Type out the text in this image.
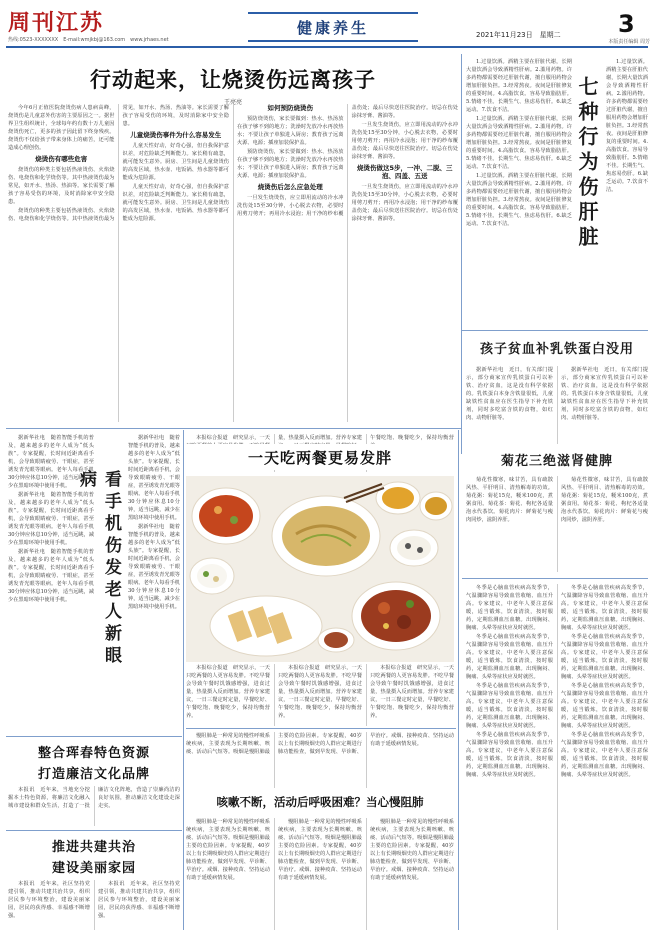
周刊江苏	健康养生	2021年11月23日　星期二	3
热线:0523-XXXXXXX　E-mail:wmjkbj@163.com　www.jrhaes.net	本版责任编辑 周芳
行动起来，让烧烫伤远离孩子
王亮亮

今年6月正值医院烧烫伤病人患病高峰，烧烫伤是儿童意外伤害的主要原因之一。据世界卫生组织统计，全球每年约有数十万儿童因烧烫伤死亡，更多的孩子因此留下终身残疾。烧烫伤不仅给孩子带来身体上的痛苦，还可能造成心理创伤。

烧烫伤有哪些危害

烧烫伤的种类主要包括热液烫伤、火焰烧伤、电烧伤和化学烧伤等。其中热液烫伤最为常见，如开水、热汤、热油等。家长需要了解孩子容易受伤的环境，及时消除家中安全隐患。

烧烫伤的种类主要包括热液烫伤、火焰烧伤、电烧伤和化学烧伤等。其中热液烫伤最为常见，如开水、热汤、热油等。家长需要了解孩子容易受伤的环境，及时消除家中安全隐患。

儿童烧烫伤事件为什么容易发生

儿童天性好动，好奇心强，但自我保护意识差，对危险缺乏判断能力。家长稍有疏忽，就可能发生意外。厨房、卫生间是儿童烧烫伤的高发区域，热水壶、电饭锅、热水器等都可能成为危险源。

儿童天性好动，好奇心强，但自我保护意识差，对危险缺乏判断能力。家长稍有疏忽，就可能发生意外。厨房、卫生间是儿童烧烫伤的高发区域，热水壶、电饭锅、热水器等都可能成为危险源。

如何预防烧烫伤

预防烧烫伤，家长要做到：热水、热汤放在孩子够不到的地方；洗澡时先放冷水再放热水；不要让孩子单独进入厨房；教育孩子远离火源、电源；插座加装保护盖。

预防烧烫伤，家长要做到：热水、热汤放在孩子够不到的地方；洗澡时先放冷水再放热水；不要让孩子单独进入厨房；教育孩子远离火源、电源；插座加装保护盖。

烧烫伤后怎么应急处理

一旦发生烧烫伤，应立即用流动的冷水冲洗伤处15至30分钟，小心脱去衣物，必要时用剪刀剪开；再用冷水浸泡；用干净的纱布覆盖伤处；最后尽快送往医院治疗。切忌在伤处涂抹牙膏、酱油等。

一旦发生烧烫伤，应立即用流动的冷水冲洗伤处15至30分钟，小心脱去衣物，必要时用剪刀剪开；再用冷水浸泡；用干净的纱布覆盖伤处；最后尽快送往医院治疗。切忌在伤处涂抹牙膏、酱油等。

烧烫伤做这5步，一冲、二脱、三泡、四盖、五送

一旦发生烧烫伤，应立即用流动的冷水冲洗伤处15至30分钟，小心脱去衣物，必要时用剪刀剪开；再用冷水浸泡；用干净的纱布覆盖伤处；最后尽快送往医院治疗。切忌在伤处涂抹牙膏、酱油等。

1.过量饮酒。酒精主要在肝脏代谢，长期大量饮酒会导致酒精性肝病。2.滥用药物。许多药物都需要经过肝脏代谢，擅自服用药物会增加肝脏负担。3.经常熬夜。夜间是肝脏修复的重要时间。4.高脂饮食。容易导致脂肪肝。5.情绪不佳。长期生气、焦虑易伤肝。6.缺乏运动。7.饮食不洁。

1.过量饮酒。酒精主要在肝脏代谢，长期大量饮酒会导致酒精性肝病。2.滥用药物。许多药物都需要经过肝脏代谢，擅自服用药物会增加肝脏负担。3.经常熬夜。夜间是肝脏修复的重要时间。4.高脂饮食。容易导致脂肪肝。5.情绪不佳。长期生气、焦虑易伤肝。6.缺乏运动。7.饮食不洁。

1.过量饮酒。酒精主要在肝脏代谢，长期大量饮酒会导致酒精性肝病。2.滥用药物。许多药物都需要经过肝脏代谢，擅自服用药物会增加肝脏负担。3.经常熬夜。夜间是肝脏修复的重要时间。4.高脂饮食。容易导致脂肪肝。5.情绪不佳。长期生气、焦虑易伤肝。6.缺乏运动。7.饮食不洁。	七种行为伤肝脏

1.过量饮酒。酒精主要在肝脏代谢，长期大量饮酒会导致酒精性肝病。2.滥用药物。许多药物都需要经过肝脏代谢，擅自服用药物会增加肝脏负担。3.经常熬夜。夜间是肝脏修复的重要时间。4.高脂饮食。容易导致脂肪肝。5.情绪不佳。长期生气、焦虑易伤肝。6.缺乏运动。7.饮食不洁。

孩子贫血补乳铁蛋白没用

据新华社电　近日，有关部门提示，部分商家宣传乳铁蛋白可以补铁、治疗贫血，这是没有科学依据的。乳铁蛋白本身含铁量很低，儿童缺铁性贫血应在医生指导下补充铁剂，同时多吃富含铁的食物，如红肉、动物肝脏等。

据新华社电　近日，有关部门提示，部分商家宣传乳铁蛋白可以补铁、治疗贫血，这是没有科学依据的。乳铁蛋白本身含铁量很低，儿童缺铁性贫血应在医生指导下补充铁剂，同时多吃富含铁的食物，如红肉、动物肝脏等。

菊花三绝滋肾健脾

菊花性微寒，味甘苦，具有疏散风热、平肝明目、清热解毒的功效。菊花粥：菊花15克，粳米100克，煮粥食用。菊花茶：菊花、枸杞各适量泡水代茶饮。菊花肉片：鲜菊花与瘦肉同炒，滋阴养肝。

菊花性微寒，味甘苦，具有疏散风热、平肝明目、清热解毒的功效。菊花粥：菊花15克，粳米100克，煮粥食用。菊花茶：菊花、枸杞各适量泡水代茶饮。菊花肉片：鲜菊花与瘦肉同炒，滋阴养肝。

据新华社电　随着智能手机的普及，越来越多的老年人成为“低头族”。专家提醒，长时间近距离看手机，会导致眼睛疲劳、干眼症，甚至诱发青光眼等眼病。老年人每看手机30分钟应休息10分钟，适当远眺，减少在黑暗环境中使用手机。

据新华社电　随着智能手机的普及，越来越多的老年人成为“低头族”。专家提醒，长时间近距离看手机，会导致眼睛疲劳、干眼症，甚至诱发青光眼等眼病。老年人每看手机30分钟应休息10分钟，适当远眺，减少在黑暗环境中使用手机。

据新华社电　随着智能手机的普及，越来越多的老年人成为“低头族”。专家提醒，长时间近距离看手机，会导致眼睛疲劳、干眼症，甚至诱发青光眼等眼病。老年人每看手机30分钟应休息10分钟，适当远眺，减少在黑暗环境中使用手机。	看手机伤发老人新眼病

据新华社电　随着智能手机的普及，越来越多的老年人成为“低头族”。专家提醒，长时间近距离看手机，会导致眼睛疲劳、干眼症，甚至诱发青光眼等眼病。老年人每看手机30分钟应休息10分钟，适当远眺，减少在黑暗环境中使用手机。

据新华社电　随着智能手机的普及，越来越多的老年人成为“低头族”。专家提醒，长时间近距离看手机，会导致眼睛疲劳、干眼症，甚至诱发青光眼等眼病。老年人每看手机30分钟应休息10分钟，适当远眺，减少在黑暗环境中使用手机。

本报综合报道　研究显示，一天 量，热量摄入反而增加。营养专家建 午餐吃饱、晚餐吃少，保持均衡营

一天吃两餐更易发胖

本报综合报道　研究显示，一天只吃两餐的人更容易发胖。不吃早餐会导致午餐时饥饿感增强，进食过量，热量摄入反而增加。营养专家建议，一日三餐定时定量，早餐吃好、午餐吃饱、晚餐吃少，保持均衡营养。

本报综合报道　研究显示，一天只吃两餐的人更容易发胖。不吃早餐会导致午餐时饥饿感增强，进食过量，热量摄入反而增加。营养专家建议，一日三餐定时定量，早餐吃好、午餐吃饱、晚餐吃少，保持均衡营养。

本报综合报道　研究显示，一天只吃两餐的人更容易发胖。不吃早餐会导致午餐时饥饿感增强，进食过量，热量摄入反而增加。营养专家建议，一日三餐定时定量，早餐吃好、午餐吃饱、晚餐吃少，保持均衡营养。

冬季是心脑血管疾病高发季节，气温骤降容易导致血管收缩、血压升高。专家建议，中老年人要注意保暖，适当锻炼，饮食清淡，按时服药，定期监测血压血糖。出现胸闷、胸痛、头晕等症状应及时就医。

冬季是心脑血管疾病高发季节，气温骤降容易导致血管收缩、血压升高。专家建议，中老年人要注意保暖，适当锻炼，饮食清淡，按时服药，定期监测血压血糖。出现胸闷、胸痛、头晕等症状应及时就医。

冬季是心脑血管疾病高发季节，气温骤降容易导致血管收缩、血压升高。专家建议，中老年人要注意保暖，适当锻炼，饮食清淡，按时服药，定期监测血压血糖。出现胸闷、胸痛、头晕等症状应及时就医。

冬季是心脑血管疾病高发季节，气温骤降容易导致血管收缩、血压升高。专家建议，中老年人要注意保暖，适当锻炼，饮食清淡，按时服药，定期监测血压血糖。出现胸闷、胸痛、头晕等症状应及时就医。

冬季是心脑血管疾病高发季节，气温骤降容易导致血管收缩、血压升高。专家建议，中老年人要注意保暖，适当锻炼，饮食清淡，按时服药，定期监测血压血糖。出现胸闷、胸痛、头晕等症状应及时就医。

冬季是心脑血管疾病高发季节，气温骤降容易导致血管收缩、血压升高。专家建议，中老年人要注意保暖，适当锻炼，饮食清淡，按时服药，定期监测血压血糖。出现胸闷、胸痛、头晕等症状应及时就医。

冬季是心脑血管疾病高发季节，气温骤降容易导致血管收缩、血压升高。专家建议，中老年人要注意保暖，适当锻炼，饮食清淡，按时服药，定期监测血压血糖。出现胸闷、胸痛、头晕等症状应及时就医。

冬季是心脑血管疾病高发季节，气温骤降容易导致血管收缩、血压升高。专家建议，中老年人要注意保暖，适当锻炼，饮食清淡，按时服药，定期监测血压血糖。出现胸闷、胸痛、头晕等症状应及时就医。

整合珲春特色资源
打造廉洁文化品牌

本报讯　近年来，当地充分挖掘本土特色资源，将廉洁文化融入城市建设和群众生活，打造了一批廉洁文化阵地，营造了崇廉尚洁的良好氛围，推动廉洁文化建设走深走实。

推进共建共治
建设美丽家园

本报讯　近年来，社区坚持党建引领，推动共建共治共享，组织居民参与环境整治，建设美丽家园，居民的获得感、幸福感不断增强。

本报讯　近年来，社区坚持党建引领，推动共建共治共享，组织居民参与环境整治，建设美丽家园，居民的获得感、幸福感不断增强。

慢阻肺是一种常见的慢性呼吸系统疾病，主要表现为长期咳嗽、咳痰、活动后气短等。吸烟是慢阻肺最主要的危险因素。专家提醒，40岁以上有长期吸烟史的人群应定期进行肺功能检查，做到早发现、早诊断、早治疗。戒烟、接种疫苗、坚持运动有助于延缓病情发展。

咳嗽不断，活动后呼吸困难？当心慢阻肺

慢阻肺是一种常见的慢性呼吸系统疾病，主要表现为长期咳嗽、咳痰、活动后气短等。吸烟是慢阻肺最主要的危险因素。专家提醒，40岁以上有长期吸烟史的人群应定期进行肺功能检查，做到早发现、早诊断、早治疗。戒烟、接种疫苗、坚持运动有助于延缓病情发展。

慢阻肺是一种常见的慢性呼吸系统疾病，主要表现为长期咳嗽、咳痰、活动后气短等。吸烟是慢阻肺最主要的危险因素。专家提醒，40岁以上有长期吸烟史的人群应定期进行肺功能检查，做到早发现、早诊断、早治疗。戒烟、接种疫苗、坚持运动有助于延缓病情发展。

慢阻肺是一种常见的慢性呼吸系统疾病，主要表现为长期咳嗽、咳痰、活动后气短等。吸烟是慢阻肺最主要的危险因素。专家提醒，40岁以上有长期吸烟史的人群应定期进行肺功能检查，做到早发现、早诊断、早治疗。戒烟、接种疫苗、坚持运动有助于延缓病情发展。
